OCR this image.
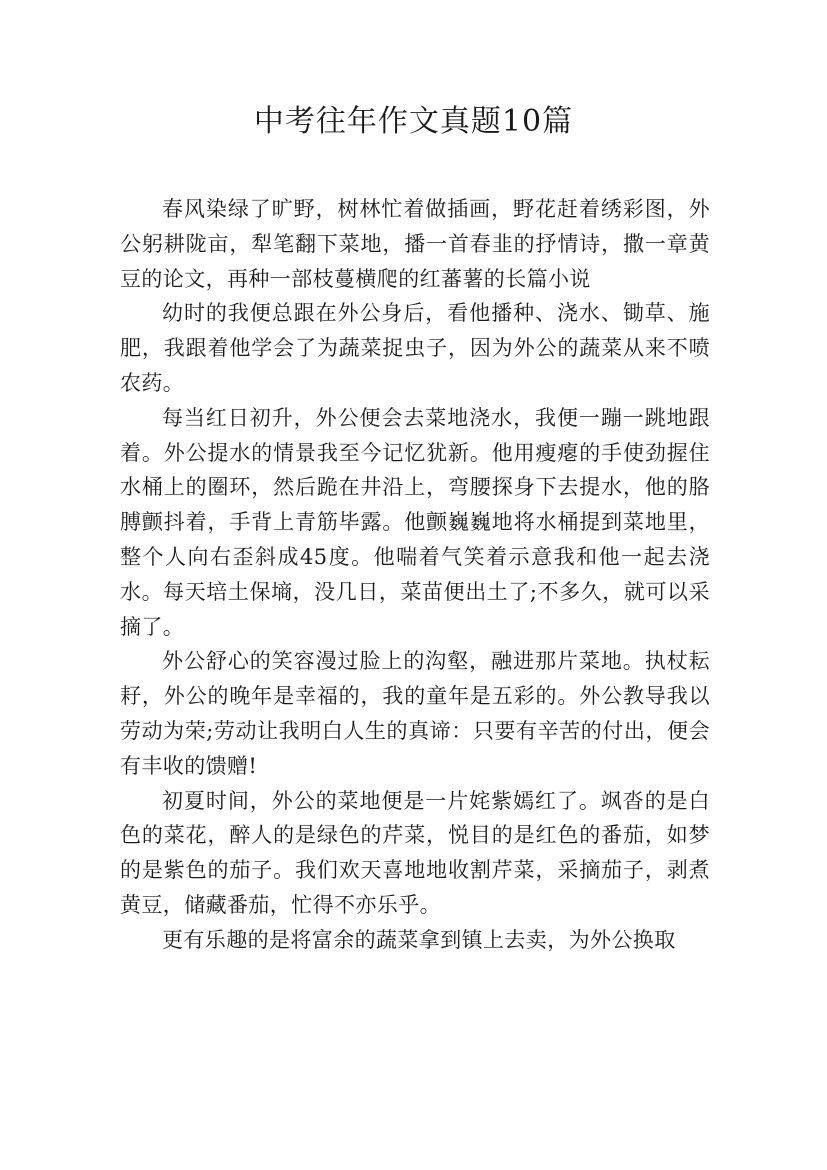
中考往年作文真题10篇

春风染绿了旷野，树林忙着做插画，野花赶着绣彩图，外公躬耕陇亩，犁笔翻下菜地，播一首春韭的抒情诗，撒一章黄豆的论文，再种一部枝蔓横爬的红蕃薯的长篇小说

幼时的我便总跟在外公身后，看他播种、浇水、锄草、施肥，我跟着他学会了为蔬菜捉虫子，因为外公的蔬菜从来不喷农药。

每当红日初升，外公便会去菜地浇水，我便一蹦一跳地跟着。外公提水的情景我至今记忆犹新。他用瘦瘪的手使劲握住水桶上的圈环，然后跪在井沿上，弯腰探身下去提水，他的胳膊颤抖着，手背上青筋毕露。他颤巍巍地将水桶提到菜地里，整个人向右歪斜成45度。他喘着气笑着示意我和他一起去浇水。每天培土保墒，没几日，菜苗便出土了;不多久，就可以采摘了。

外公舒心的笑容漫过脸上的沟壑，融进那片菜地。执杖耘耔，外公的晚年是幸福的，我的童年是五彩的。外公教导我以劳动为荣;劳动让我明白人生的真谛：只要有辛苦的付出，便会有丰收的馈赠!

初夏时间，外公的菜地便是一片姹紫嫣红了。飒沓的是白色的菜花，醉人的是绿色的芹菜，悦目的是红色的番茄，如梦的是紫色的茄子。我们欢天喜地地收割芹菜，采摘茄子，剥煮黄豆，储藏番茄，忙得不亦乐乎。

更有乐趣的是将富余的蔬菜拿到镇上去卖，为外公换取
